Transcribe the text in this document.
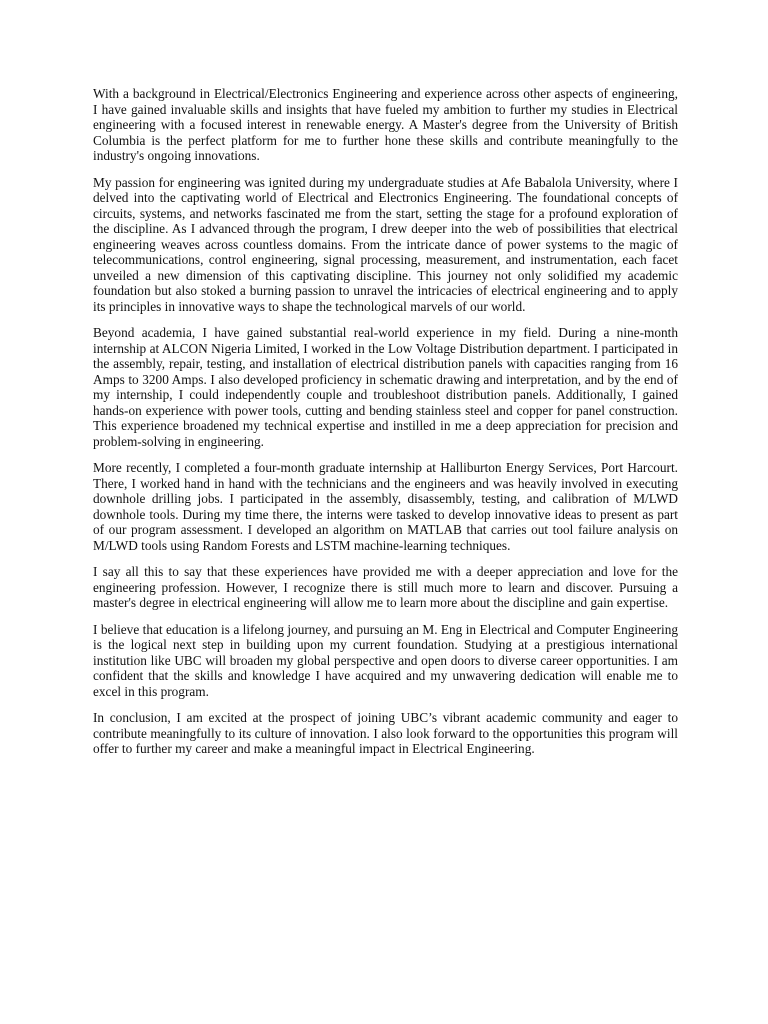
With a background in Electrical/Electronics Engineering and experience across other aspects of engineering, I have gained invaluable skills and insights that have fueled my ambition to further my studies in Electrical engineering with a focused interest in renewable energy. A Master's degree from the University of British Columbia is the perfect platform for me to further hone these skills and contribute meaningfully to the industry's ongoing innovations.

My passion for engineering was ignited during my undergraduate studies at Afe Babalola University, where I delved into the captivating world of Electrical and Electronics Engineering. The foundational concepts of circuits, systems, and networks fascinated me from the start, setting the stage for a profound exploration of the discipline. As I advanced through the program, I drew deeper into the web of possibilities that electrical engineering weaves across countless domains. From the intricate dance of power systems to the magic of telecommunications, control engineering, signal processing, measurement, and instrumentation, each facet unveiled a new dimension of this captivating discipline. This journey not only solidified my academic foundation but also stoked a burning passion to unravel the intricacies of electrical engineering and to apply its principles in innovative ways to shape the technological marvels of our world.

Beyond academia, I have gained substantial real-world experience in my field. During a nine-month internship at ALCON Nigeria Limited, I worked in the Low Voltage Distribution department. I participated in the assembly, repair, testing, and installation of electrical distribution panels with capacities ranging from 16 Amps to 3200 Amps. I also developed proficiency in schematic drawing and interpretation, and by the end of my internship, I could independently couple and troubleshoot distribution panels. Additionally, I gained hands-on experience with power tools, cutting and bending stainless steel and copper for panel construction. This experience broadened my technical expertise and instilled in me a deep appreciation for precision and problem-solving in engineering.

More recently, I completed a four-month graduate internship at Halliburton Energy Services, Port Harcourt. There, I worked hand in hand with the technicians and the engineers and was heavily involved in executing downhole drilling jobs. I participated in the assembly, disassembly, testing, and calibration of M/LWD downhole tools. During my time there, the interns were tasked to develop innovative ideas to present as part of our program assessment. I developed an algorithm on MATLAB that carries out tool failure analysis on M/LWD tools using Random Forests and LSTM machine-learning techniques.

I say all this to say that these experiences have provided me with a deeper appreciation and love for the engineering profession. However, I recognize there is still much more to learn and discover. Pursuing a master's degree in electrical engineering will allow me to learn more about the discipline and gain expertise.

I believe that education is a lifelong journey, and pursuing an M. Eng in Electrical and Computer Engineering is the logical next step in building upon my current foundation. Studying at a prestigious international institution like UBC will broaden my global perspective and open doors to diverse career opportunities. I am confident that the skills and knowledge I have acquired and my unwavering dedication will enable me to excel in this program.

In conclusion, I am excited at the prospect of joining UBC’s vibrant academic community and eager to contribute meaningfully to its culture of innovation. I also look forward to the opportunities this program will offer to further my career and make a meaningful impact in Electrical Engineering.
